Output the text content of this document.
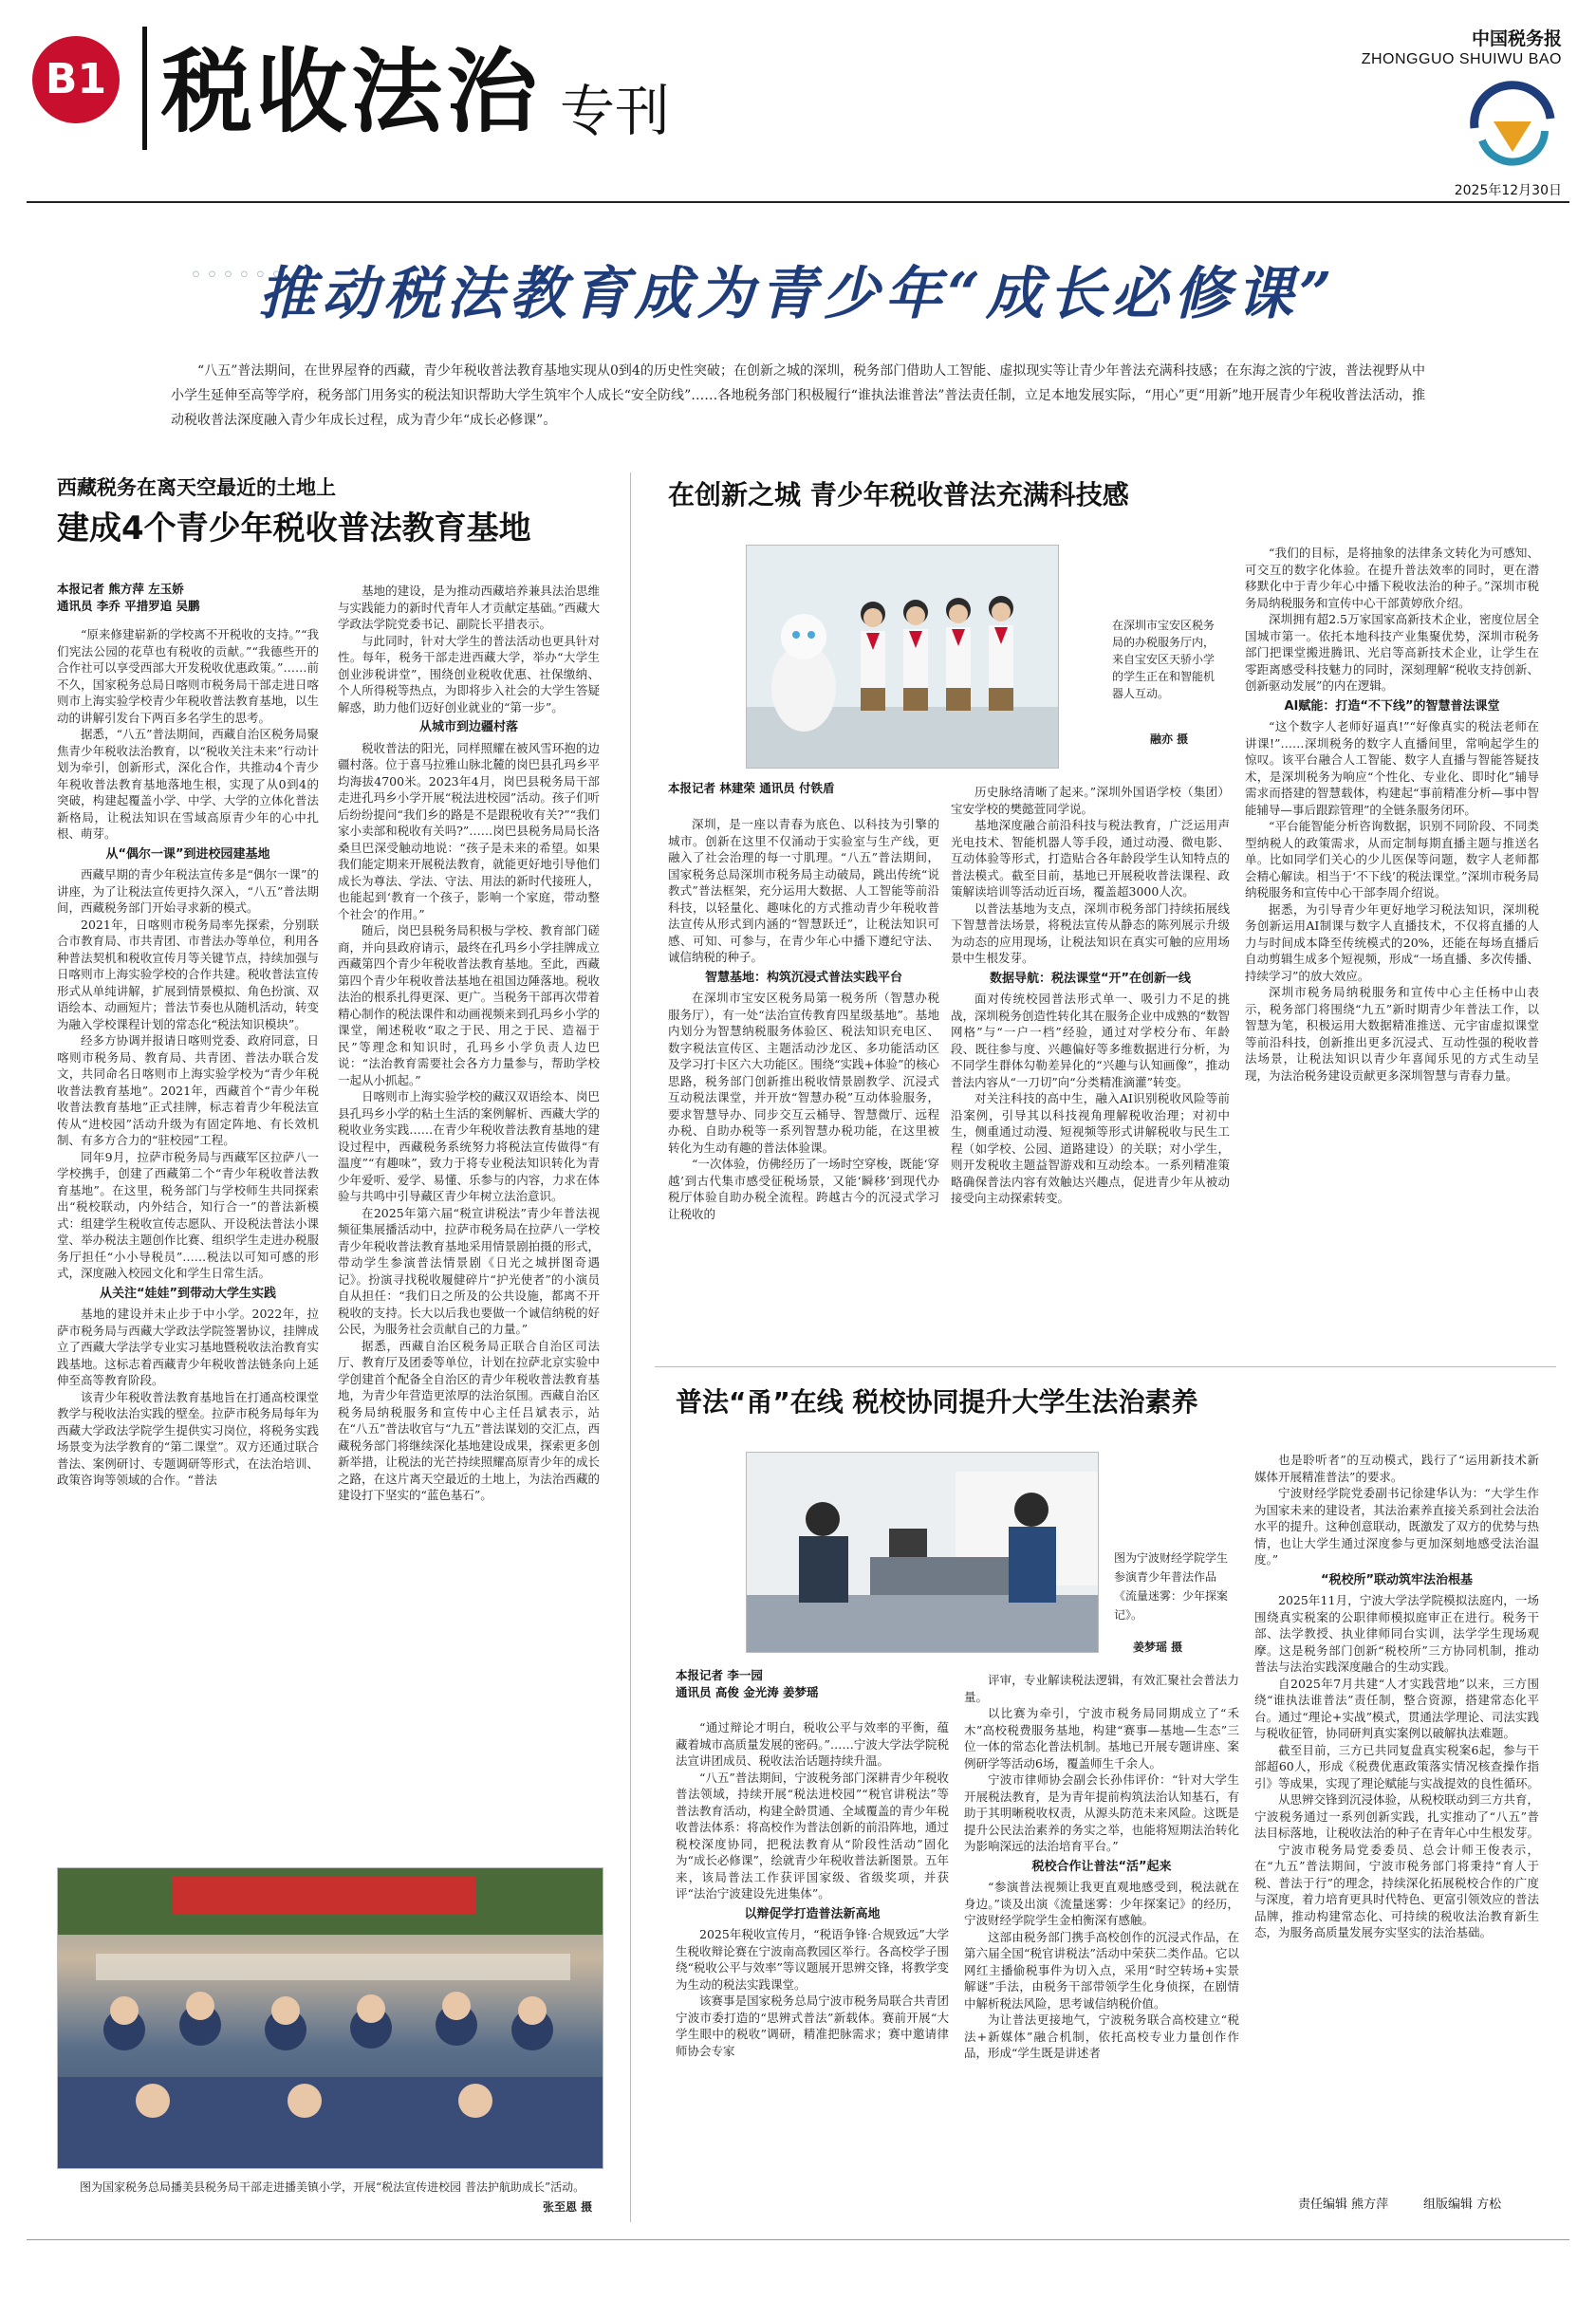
B1 税收法治 专刊
中国税务报
ZHONGGUO SHUIWU BAO
2025年12月30日
◦◦◦◦◦◦
推动税法教育成为青少年“成长必修课”
“八五”普法期间，在世界屋脊的西藏，青少年税收普法教育基地实现从0到4的历史性突破；在创新之城的深圳，税务部门借助人工智能、虚拟现实等让青少年普法充满科技感；在东海之滨的宁波，普法视野从中小学生延伸至高等学府，税务部门用务实的税法知识帮助大学生筑牢个人成长“安全防线”……各地税务部门积极履行“谁执法谁普法”普法责任制，立足本地发展实际，“用心”更“用新”地开展青少年税收普法活动，推动税收普法深度融入青少年成长过程，成为青少年“成长必修课”。
西藏税务在离天空最近的土地上
建成4个青少年税收普法教育基地
本报记者 熊方萍 左玉娇
通讯员 李乔 平措罗追 吴鹏

“原来修建崭新的学校离不开税收的支持。”“我们宪法公园的花草也有税收的贡献。”“我德些开的合作社可以享受西部大开发税收优惠政策。”……前不久，国家税务总局日喀则市税务局干部走进日喀则市上海实验学校青少年税收普法教育基地，以生动的讲解引发台下两百多名学生的思考。

据悉，“八五”普法期间，西藏自治区税务局聚焦青少年税收法治教育，以“税收关注未来”行动计划为牵引，创新形式，深化合作，共推动4个青少年税收普法教育基地落地生根，实现了从0到4的突破，构建起覆盖小学、中学、大学的立体化普法新格局，让税法知识在雪域高原青少年的心中扎根、萌芽。

从“偶尔一课”到进校园建基地

西藏早期的青少年税法宣传多是“偶尔一课”的讲座，为了让税法宣传更持久深入，“八五”普法期间，西藏税务部门开始寻求新的模式。

2021年，日喀则市税务局率先探索，分别联合市教育局、市共青团、市普法办等单位，利用各种普法契机和税收宣传月等关键节点，持续加强与日喀则市上海实验学校的合作共建。税收普法宣传形式从单纯讲解，扩展到情景模拟、角色扮演、双语绘本、动画短片；普法节奏也从随机活动，转变为融入学校课程计划的常态化“税法知识模块”。

经多方协调并报请日喀则党委、政府同意，日喀则市税务局、教育局、共青团、普法办联合发文，共同命名日喀则市上海实验学校为“青少年税收普法教育基地”。2021年，西藏首个“青少年税收普法教育基地”正式挂牌，标志着青少年税法宣传从“进校园”活动升级为有固定阵地、有长效机制、有多方合力的“驻校园”工程。

同年9月，拉萨市税务局与西藏军区拉萨八一学校携手，创建了西藏第二个“青少年税收普法教育基地”。在这里，税务部门与学校师生共同探索出“税校联动，内外结合，知行合一”的普法新模式：组建学生税收宣传志愿队、开设税法普法小课堂、举办税法主题创作比赛、组织学生走进办税服务厅担任“小小导税员”……税法以可知可感的形式，深度融入校园文化和学生日常生活。

从关注“娃娃”到带动大学生实践

基地的建设并未止步于中小学。2022年，拉萨市税务局与西藏大学政法学院签署协议，挂牌成立了西藏大学法学专业实习基地暨税收法治教育实践基地。这标志着西藏青少年税收普法链条向上延伸至高等教育阶段。

该青少年税收普法教育基地旨在打通高校课堂教学与税收法治实践的壁垒。拉萨市税务局每年为西藏大学政法学院学生提供实习岗位，将税务实践场景变为法学教育的“第二课堂”。双方还通过联合普法、案例研讨、专题调研等形式，在法治培训、政策咨询等领域的合作。“普法

基地的建设，是为推动西藏培养兼具法治思维与实践能力的新时代青年人才贡献定基础。”西藏大学政法学院党委书记、副院长平措表示。

与此同时，针对大学生的普法活动也更具针对性。每年，税务干部走进西藏大学，举办“大学生创业涉税讲堂”，围绕创业税收优惠、社保缴纳、个人所得税等热点，为即将步入社会的大学生答疑解惑，助力他们迈好创业就业的“第一步”。

从城市到边疆村落

税收普法的阳光，同样照耀在被风雪环抱的边疆村落。位于喜马拉雅山脉北麓的岗巴县孔玛乡平均海拔4700米。2023年4月，岗巴县税务局干部走进孔玛乡小学开展“税法进校园”活动。孩子们听后纷纷提问“我们乡的路是不是跟税收有关?”“我们家小卖部和税收有关吗?”……岗巴县税务局局长洛桑旦巴深受触动地说：“孩子是未来的希望。如果我们能定期来开展税法教育，就能更好地引导他们成长为尊法、学法、守法、用法的新时代接班人，也能起到‘教育一个孩子，影响一个家庭，带动整个社会’的作用。”

随后，岗巴县税务局积极与学校、教育部门磋商，并向县政府请示，最终在孔玛乡小学挂牌成立西藏第四个青少年税收普法教育基地。至此，西藏第四个青少年税收普法基地在祖国边陲落地。税收法治的根系扎得更深、更广。当税务干部再次带着精心制作的税法课件和动画视频来到孔玛乡小学的课堂，阐述税收“取之于民、用之于民、造福于民”等理念和知识时，孔玛乡小学负责人边巴说：“法治教育需要社会各方力量参与，帮助学校一起从小抓起。”

日喀则市上海实验学校的藏汉双语绘本、岗巴县孔玛乡小学的粘土生活的案例解析、西藏大学的税收业务实践……在青少年税收普法教育基地的建设过程中，西藏税务系统努力将税法宣传做得“有温度”“有趣味”，致力于将专业税法知识转化为青少年爱听、爱学、易懂、乐参与的内容，力求在体验与共鸣中引导藏区青少年树立法治意识。

在2025年第六届“税宣讲税法”青少年普法视频征集展播活动中，拉萨市税务局在拉萨八一学校青少年税收普法教育基地采用情景剧拍摄的形式，带动学生参演普法情景剧《日光之城拼图奇遇记》。扮演寻找税收履健碎片“护光使者”的小演员自从担任：“我们日之所及的公共设施，都离不开税收的支持。长大以后我也要做一个诚信纳税的好公民，为服务社会贡献自己的力量。”

据悉，西藏自治区税务局正联合自治区司法厅、教育厅及团委等单位，计划在拉萨北京实验中学创建首个配备全自治区的青少年税收普法教育基地，为青少年营造更浓厚的法治氛围。西藏自治区税务局纳税服务和宣传中心主任吕斌表示，站在“八五”普法收官与“九五”普法谋划的交汇点，西藏税务部门将继续深化基地建设成果，探索更多创新举措，让税法的光芒持续照耀高原青少年的成长之路，在这片离天空最近的土地上，为法治西藏的建设打下坚实的“蓝色基石”。

图为国家税务总局播美县税务局干部走进播美镇小学，开展“税法宣传进校园 普法护航助成长”活动。
张至恩 摄
在创新之城 青少年税收普法充满科技感
在深圳市宝安区税务局的办税服务厅内，来自宝安区天骄小学的学生正在和智能机器人互动。
融亦 摄
本报记者 林建荣 通讯员 付铁盾

深圳，是一座以青春为底色、以科技为引擎的城市。创新在这里不仅涌动于实验室与生产线，更融入了社会治理的每一寸肌理。“八五”普法期间，国家税务总局深圳市税务局主动破局，跳出传统“说教式”普法框架，充分运用大数据、人工智能等前沿科技，以轻量化、趣味化的方式推动青少年税收普法宣传从形式到内涵的“智慧跃迁”，让税法知识可感、可知、可参与，在青少年心中播下遵纪守法、诚信纳税的种子。

智慧基地：构筑沉浸式普法实践平台

在深圳市宝安区税务局第一税务所（智慧办税服务厅），有一处“法治宣传教育四星级基地”。基地内划分为智慧纳税服务体验区、税法知识充电区、数字税法宣传区、主题活动沙龙区、多功能活动区及学习打卡区六大功能区。围绕“实践+体验”的核心思路，税务部门创新推出税收情景剧教学、沉浸式互动税法课堂，并开放“智慧办税”互动体验服务，要求智慧导办、同步交互云桶导、智慧微厅、远程办税、自助办税等一系列智慧办税功能，在这里被转化为生动有趣的普法体验课。

“一次体验，仿佛经历了一场时空穿梭，既能‘穿越’到古代集市感受征税场景，又能‘瞬移’到现代办税厅体验自助办税全流程。跨越古今的沉浸式学习让税收的

历史脉络清晰了起来。”深圳外国语学校（集团）宝安学校的樊懿萱同学说。

基地深度融合前沿科技与税法教育，广泛运用声光电技术、智能机器人等手段，通过动漫、微电影、互动体验等形式，打造贴合各年龄段学生认知特点的普法模式。截至目前，基地已开展税收普法课程、政策解读培训等活动近百场，覆盖超3000人次。

以普法基地为支点，深圳市税务部门持续拓展线下智慧普法场景，将税法宣传从静态的陈列展示升级为动态的应用现场，让税法知识在真实可触的应用场景中生根发芽。

数据导航：税法课堂“开”在创新一线

面对传统校园普法形式单一、吸引力不足的挑战，深圳税务创造性转化其在服务企业中成熟的“数智网格”与“一户一档”经验，通过对学校分布、年龄段、既往参与度、兴趣偏好等多维数据进行分析，为不同学生群体勾勒差异化的“兴趣与认知画像”，推动普法内容从“一刀切”向“分类精准滴灌”转变。

对关注科技的高中生，融入AI识别税收风险等前沿案例，引导其以科技视角理解税收治理；对初中生，侧重通过动漫、短视频等形式讲解税收与民生工程（如学校、公园、道路建设）的关联；对小学生，则开发税收主题益智游戏和互动绘本。一系列精准策略确保普法内容有效触达兴趣点，促进青少年从被动接受向主动探索转变。

“我们的目标，是将抽象的法律条文转化为可感知、可交互的数字化体验。在提升普法效率的同时，更在潜移默化中于青少年心中播下税收法治的种子。”深圳市税务局纳税服务和宣传中心干部黄婷欣介绍。

深圳拥有超2.5万家国家高新技术企业，密度位居全国城市第一。依托本地科技产业集聚优势，深圳市税务部门把课堂搬进腾讯、光启等高新技术企业，让学生在零距离感受科技魅力的同时，深刻理解“税收支持创新、创新驱动发展”的内在逻辑。

AI赋能：打造“不下线”的智慧普法课堂

“这个数字人老师好逼真!”“好像真实的税法老师在讲课!”……深圳税务的数字人直播间里，常响起学生的惊叹。该平台融合人工智能、数字人直播与智能答疑技术，是深圳税务为响应“个性化、专业化、即时化”辅导需求而搭建的智慧载体，构建起“事前精准分析—事中智能辅导—事后跟踪管理”的全链条服务闭环。

“平台能智能分析咨询数据，识别不同阶段、不同类型纳税人的政策需求，从而定制每期直播主题与推送名单。比如同学们关心的少儿医保等问题，数字人老师都会精心解读。相当于‘不下线’的税法课堂。”深圳市税务局纳税服务和宣传中心干部李周介绍说。

据悉，为引导青少年更好地学习税法知识，深圳税务创新运用AI制课与数字人直播技术，不仅将直播的人力与时间成本降至传统模式的20%，还能在每场直播后自动剪辑生成多个短视频，形成“一场直播、多次传播、持续学习”的放大效应。

深圳市税务局纳税服务和宣传中心主任杨中山表示，税务部门将围绕“九五”新时期青少年普法工作，以智慧为笔，积极运用大数据精准推送、元宇宙虚拟课堂等前沿科技，创新推出更多沉浸式、互动性强的税收普法场景，让税法知识以青少年喜闻乐见的方式生动呈现，为法治税务建设贡献更多深圳智慧与青春力量。

普法“甬”在线 税校协同提升大学生法治素养
图为宁波财经学院学生参演青少年普法作品《流量迷雾：少年探案记》。
姜梦瑶 摄
本报记者 李一园
通讯员 高俊 金光涛 姜梦瑶

“通过辩论才明白，税收公平与效率的平衡，蕴藏着城市高质量发展的密码。”……宁波大学法学院税法宣讲团成员、税收法治话题持续升温。

“八五”普法期间，宁波税务部门深耕青少年税收普法领域，持续开展“税法进校园”“税官讲税法”等普法教育活动，构建全龄贯通、全域覆盖的青少年税收普法体系：将高校作为普法创新的前沿阵地，通过税校深度协同，把税法教育从“阶段性活动”固化为“成长必修课”，绘就青少年税收普法新图景。五年来，该局普法工作获评国家级、省级奖项，并获评“法治宁波建设先进集体”。

以辩促学打造普法新高地

2025年税收宣传月，“税语争锋·合规致远”大学生税收辩论赛在宁波南高教园区举行。各高校学子围绕“税收公平与效率”等议题展开思辨交锋，将教学变为生动的税法实践课堂。

该赛事是国家税务总局宁波市税务局联合共青团宁波市委打造的“思辨式普法”新载体。赛前开展“大学生眼中的税收”调研，精准把脉需求；赛中邀请律师协会专家

评审，专业解读税法逻辑，有效汇聚社会普法力量。

以比赛为牵引，宁波市税务局同期成立了“禾木”高校税费服务基地，构建“赛事—基地—生态”三位一体的常态化普法机制。基地已开展专题讲座、案例研学等活动6场，覆盖师生千余人。

宁波市律师协会副会长孙伟评价：“针对大学生开展税法教育，是为青年提前构筑法治认知基石，有助于其明晰税收权责，从源头防范未来风险。这既是提升公民法治素养的务实之举，也能将短期法治转化为影响深远的法治培育平台。”

税校合作让普法“活”起来

“参演普法视频让我更直观地感受到，税法就在身边。”谈及出演《流量迷雾：少年探案记》的经历，宁波财经学院学生金柏衡深有感触。

这部由税务部门携手高校创作的沉浸式作品，在第六届全国“税官讲税法”活动中荣获二类作品。它以网红主播偷税事件为切入点，采用“时空转场+实景解谜”手法，由税务干部带领学生化身侦探，在剧情中解析税法风险，思考诚信纳税价值。

为让普法更接地气，宁波税务联合高校建立“税法+新媒体”融合机制，依托高校专业力量创作作品，形成“学生既是讲述者

也是聆听者”的互动模式，践行了“运用新技术新媒体开展精准普法”的要求。

宁波财经学院党委副书记徐建华认为：“大学生作为国家未来的建设者，其法治素养直接关系到社会法治水平的提升。这种创意联动，既激发了双方的优势与热情，也让大学生通过深度参与更加深刻地感受法治温度。”

“税校所”联动筑牢法治根基

2025年11月，宁波大学法学院模拟法庭内，一场围绕真实税案的公职律师模拟庭审正在进行。税务干部、法学教授、执业律师同台实训，法学学生现场观摩。这是税务部门创新“税校所”三方协同机制，推动普法与法治实践深度融合的生动实践。

自2025年7月共建“人才实践营地”以来，三方围绕“谁执法谁普法”责任制，整合资源，搭建常态化平台。通过“理论+实战”模式，贯通法学理论、司法实践与税收征管，协同研判真实案例以破解执法难题。

截至目前，三方已共同复盘真实税案6起，参与干部超60人，形成《税费优惠政策落实情况核查操作指引》等成果，实现了理论赋能与实战提效的良性循环。

从思辨交锋到沉浸体验，从税校联动到三方共育，宁波税务通过一系列创新实践，扎实推动了“八五”普法目标落地，让税收法治的种子在青年心中生根发芽。

宁波市税务局党委委员、总会计师王俊表示，在“九五”普法期间，宁波市税务部门将秉持“育人于税、普法于行”的理念，持续深化拓展税校合作的广度与深度，着力培育更具时代特色、更富引领效应的普法品牌，推动构建常态化、可持续的税收法治教育新生态，为服务高质量发展夯实坚实的法治基础。

责任编辑 熊方萍	组版编辑 方松
